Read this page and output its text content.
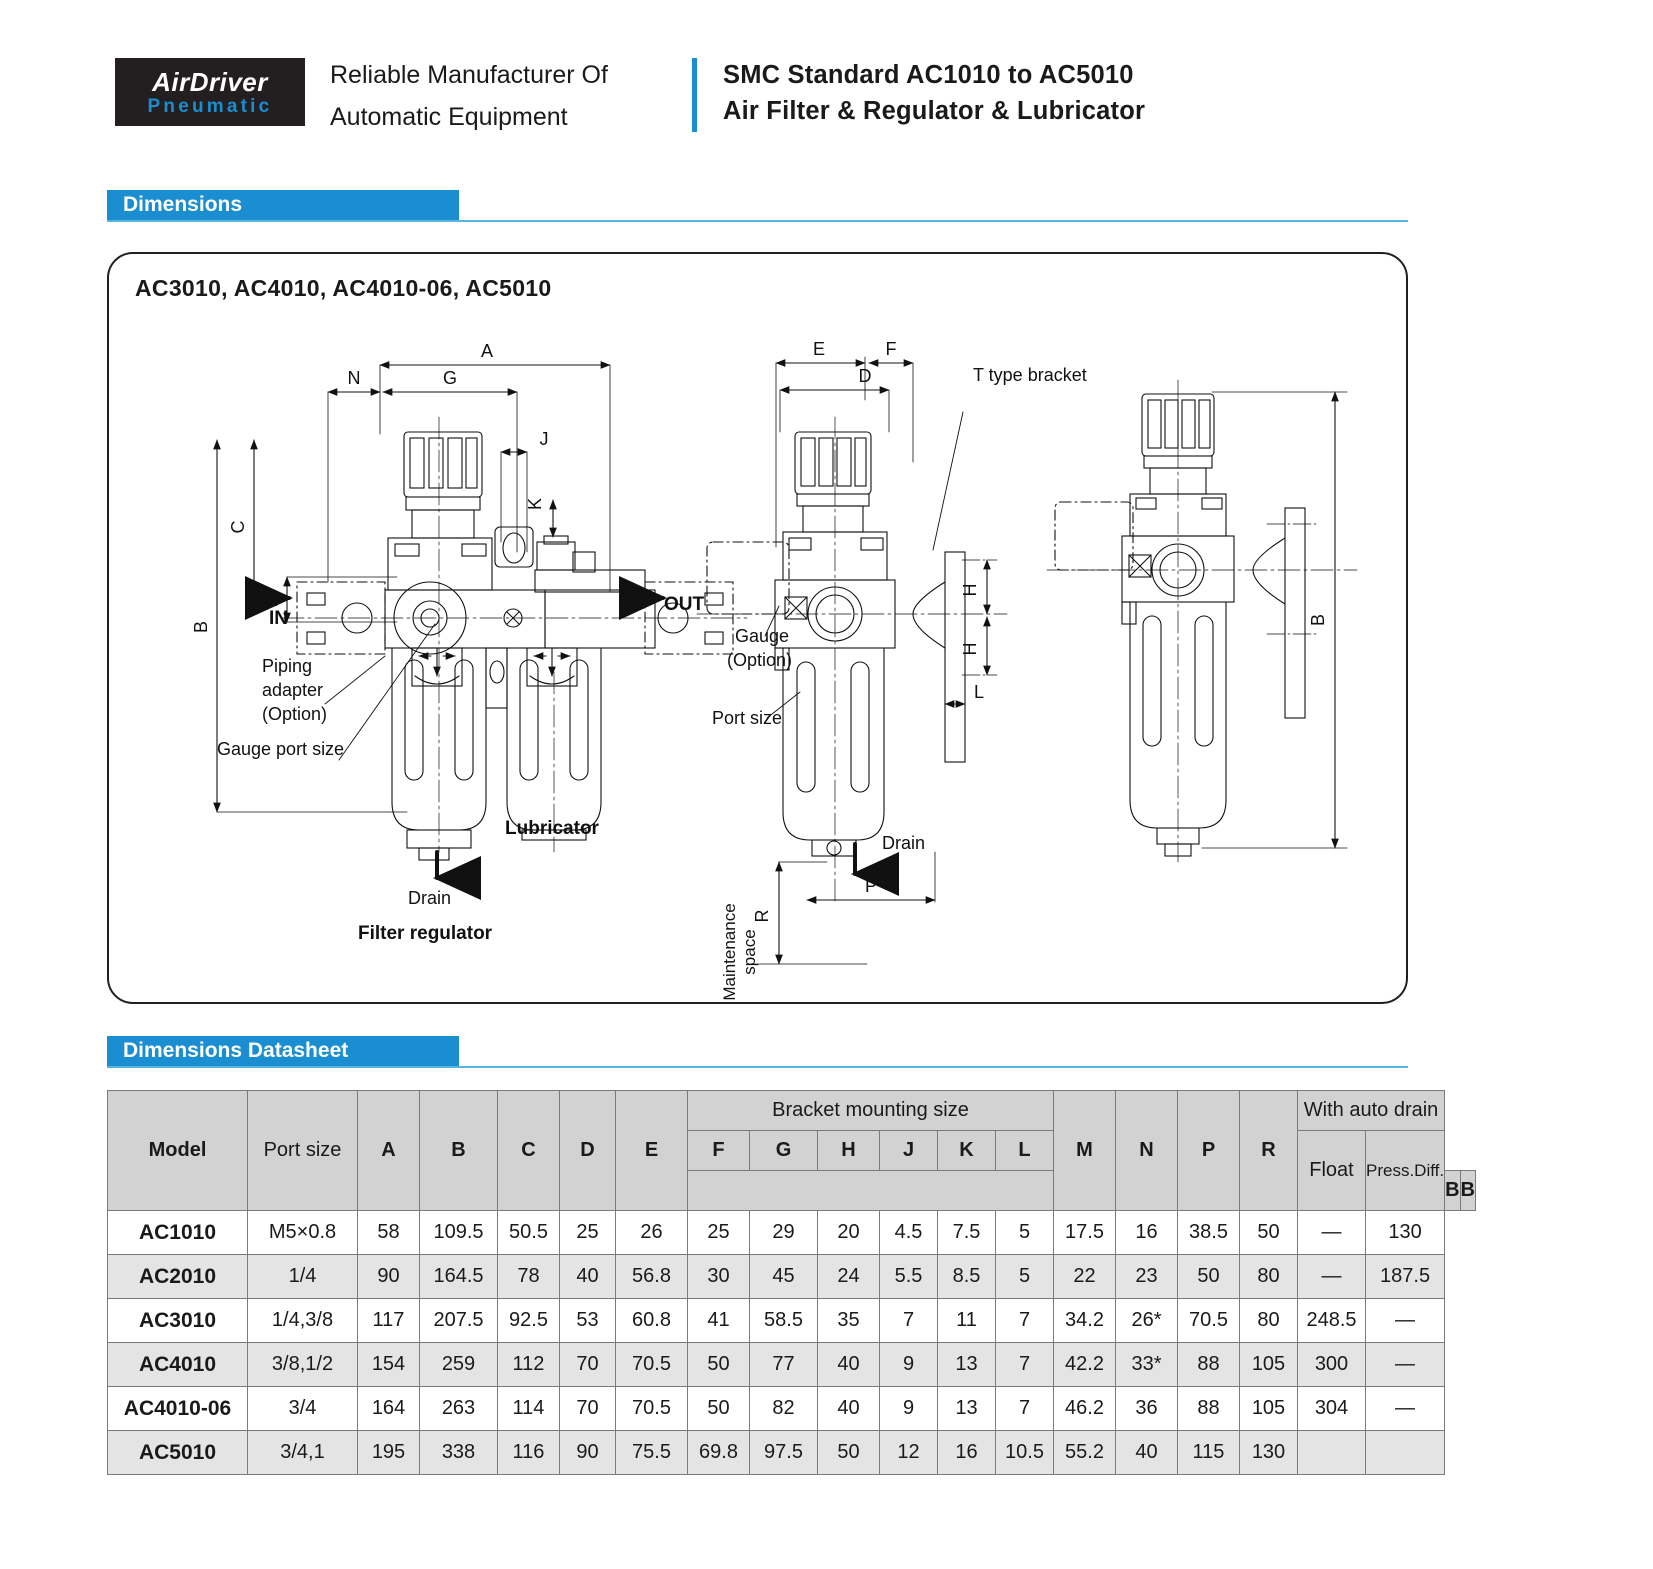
AirDriver
Pneumatic
Reliable Manufacturer Of
Automatic Equipment
SMC Standard AC1010 to AC5010
Air Filter & Regulator & Lubricator
Dimensions
AC3010, AC4010, AC4010-06, AC5010
A
N	G
J
K
C
B
M
IN
OUT
Piping
adapter
(Option)
Gauge port size
Lubricator
Drain
Filter regulator
E	F
D
H
H
L
R
P
T type bracket
Gauge
(Option)
Port size
Drain
Maintenance space
B
Dimensions Datasheet
Model	Port size	A	B	C	D	E	Bracket mounting size						M	N	P	R	With auto drain			
							F	G	H	J	K	L					Float	Press.Diff.		
																			B	B
AC1010	M5×0.8	58	109.5	50.5	25	26	25	29	20	4.5	7.5	5	17.5	16	38.5	50	—	130		
AC2010	1/4	90	164.5	78	40	56.8	30	45	24	5.5	8.5	5	22	23	50	80	—	187.5		
AC3010	1/4,3/8	117	207.5	92.5	53	60.8	41	58.5	35	7	11	7	34.2	26*	70.5	80	248.5	—		
AC4010	3/8,1/2	154	259	112	70	70.5	50	77	40	9	13	7	42.2	33*	88	105	300	—		
AC4010-06	3/4	164	263	114	70	70.5	50	82	40	9	13	7	46.2	36	88	105	304	—		
AC5010	3/4,1	195	338	116	90	75.5	69.8	97.5	50	12	16	10.5	55.2	40	115	130				
